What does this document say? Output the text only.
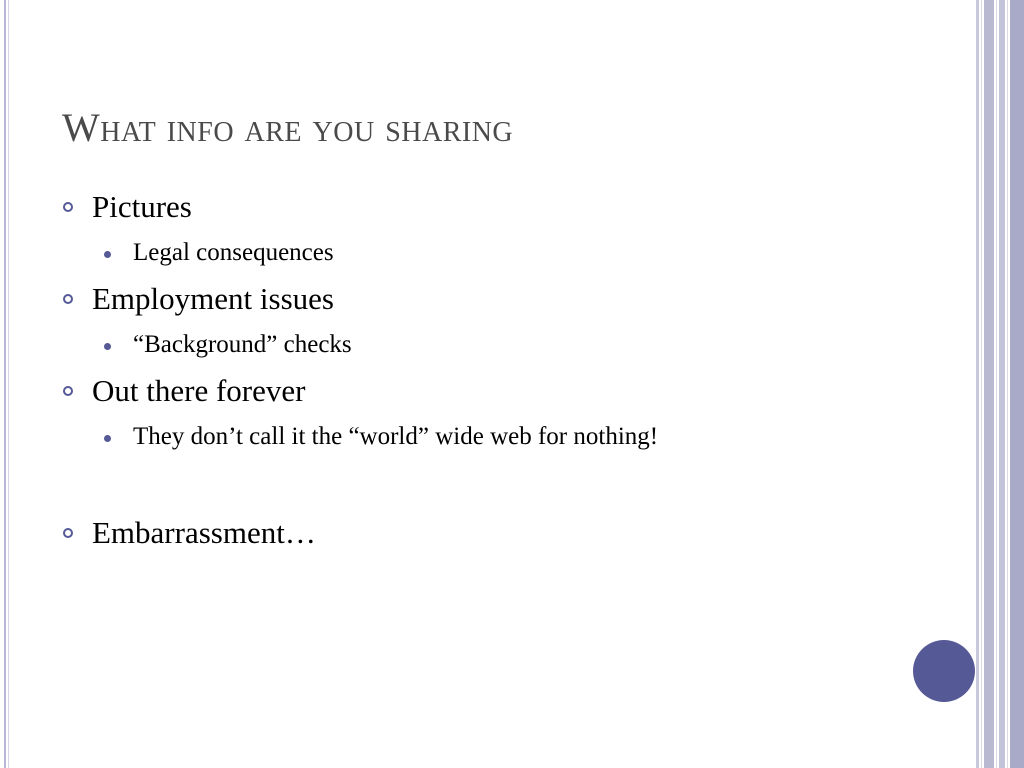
What info are you sharing
Pictures
Legal consequences
Employment issues
“Background” checks
Out there forever
They don’t call it the “world” wide web for nothing!
Embarrassment…
